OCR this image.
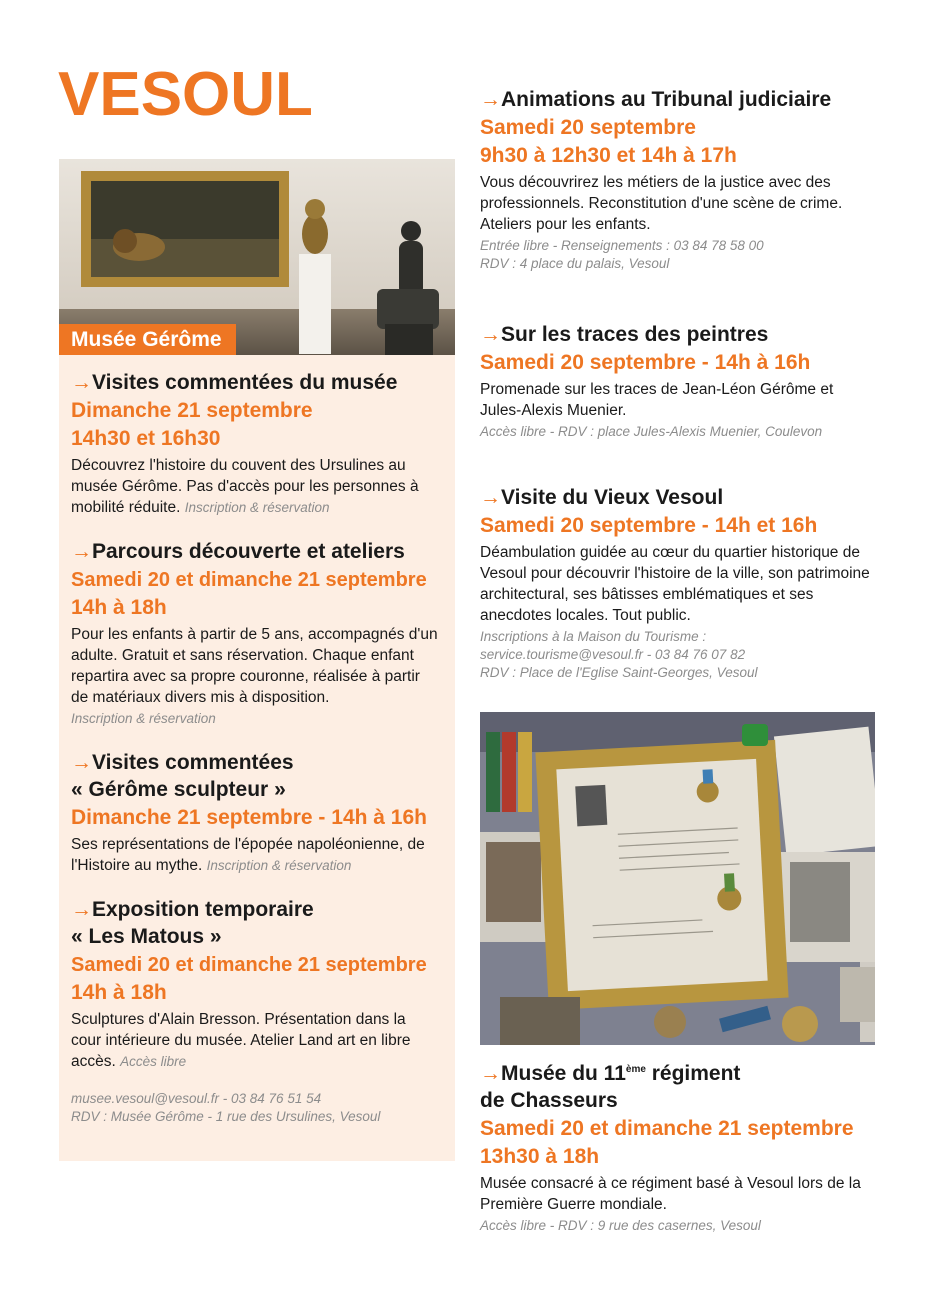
VESOUL
Musée Gérôme
→Visites commentées du musée
Dimanche 21 septembre
14h30 et 16h30
Découvrez l'histoire du couvent des Ursulines au musée Gérôme. Pas d'accès pour les personnes à mobilité réduite. Inscription & réservation
→Parcours découverte et ateliers
Samedi 20 et dimanche 21 septembre
14h à 18h
Pour les enfants à partir de 5 ans, accompagnés d'un adulte. Gratuit et sans réservation. Chaque enfant repartira avec sa propre couronne, réalisée à partir de matériaux divers mis à disposition.
Inscription & réservation
→Visites commentées
« Gérôme sculpteur »
Dimanche 21 septembre - 14h à 16h
Ses représentations de l'épopée napoléonienne, de l'Histoire au mythe. Inscription & réservation
→Exposition temporaire
« Les Matous »
Samedi 20 et dimanche 21 septembre
14h à 18h
Sculptures d'Alain Bresson. Présentation dans la cour intérieure du musée. Atelier Land art en libre accès. Accès libre
musee.vesoul@vesoul.fr - 03 84 76 51 54
RDV : Musée Gérôme - 1 rue des Ursulines, Vesoul
→Animations au Tribunal judiciaire
Samedi 20 septembre
9h30 à 12h30 et 14h à 17h
Vous découvrirez les métiers de la justice avec des professionnels. Reconstitution d'une scène de crime. Ateliers pour les enfants.
Entrée libre - Renseignements : 03 84 78 58 00
RDV : 4 place du palais, Vesoul
→Sur les traces des peintres
Samedi 20 septembre - 14h à 16h
Promenade sur les traces de Jean-Léon Gérôme et Jules-Alexis Muenier.
Accès libre - RDV : place Jules-Alexis Muenier, Coulevon
→Visite du Vieux Vesoul
Samedi 20 septembre - 14h et 16h
Déambulation guidée au cœur du quartier historique de Vesoul pour découvrir l'histoire de la ville, son patrimoine architectural, ses bâtisses emblématiques et ses anecdotes locales. Tout public.
Inscriptions à la Maison du Tourisme :
service.tourisme@vesoul.fr - 03 84 76 07 82
RDV : Place de l'Eglise Saint-Georges, Vesoul
→Musée du 11ème régiment
de Chasseurs
Samedi 20 et dimanche 21 septembre
13h30 à 18h
Musée consacré à ce régiment basé à Vesoul lors de la Première Guerre mondiale.
Accès libre - RDV : 9 rue des casernes, Vesoul
